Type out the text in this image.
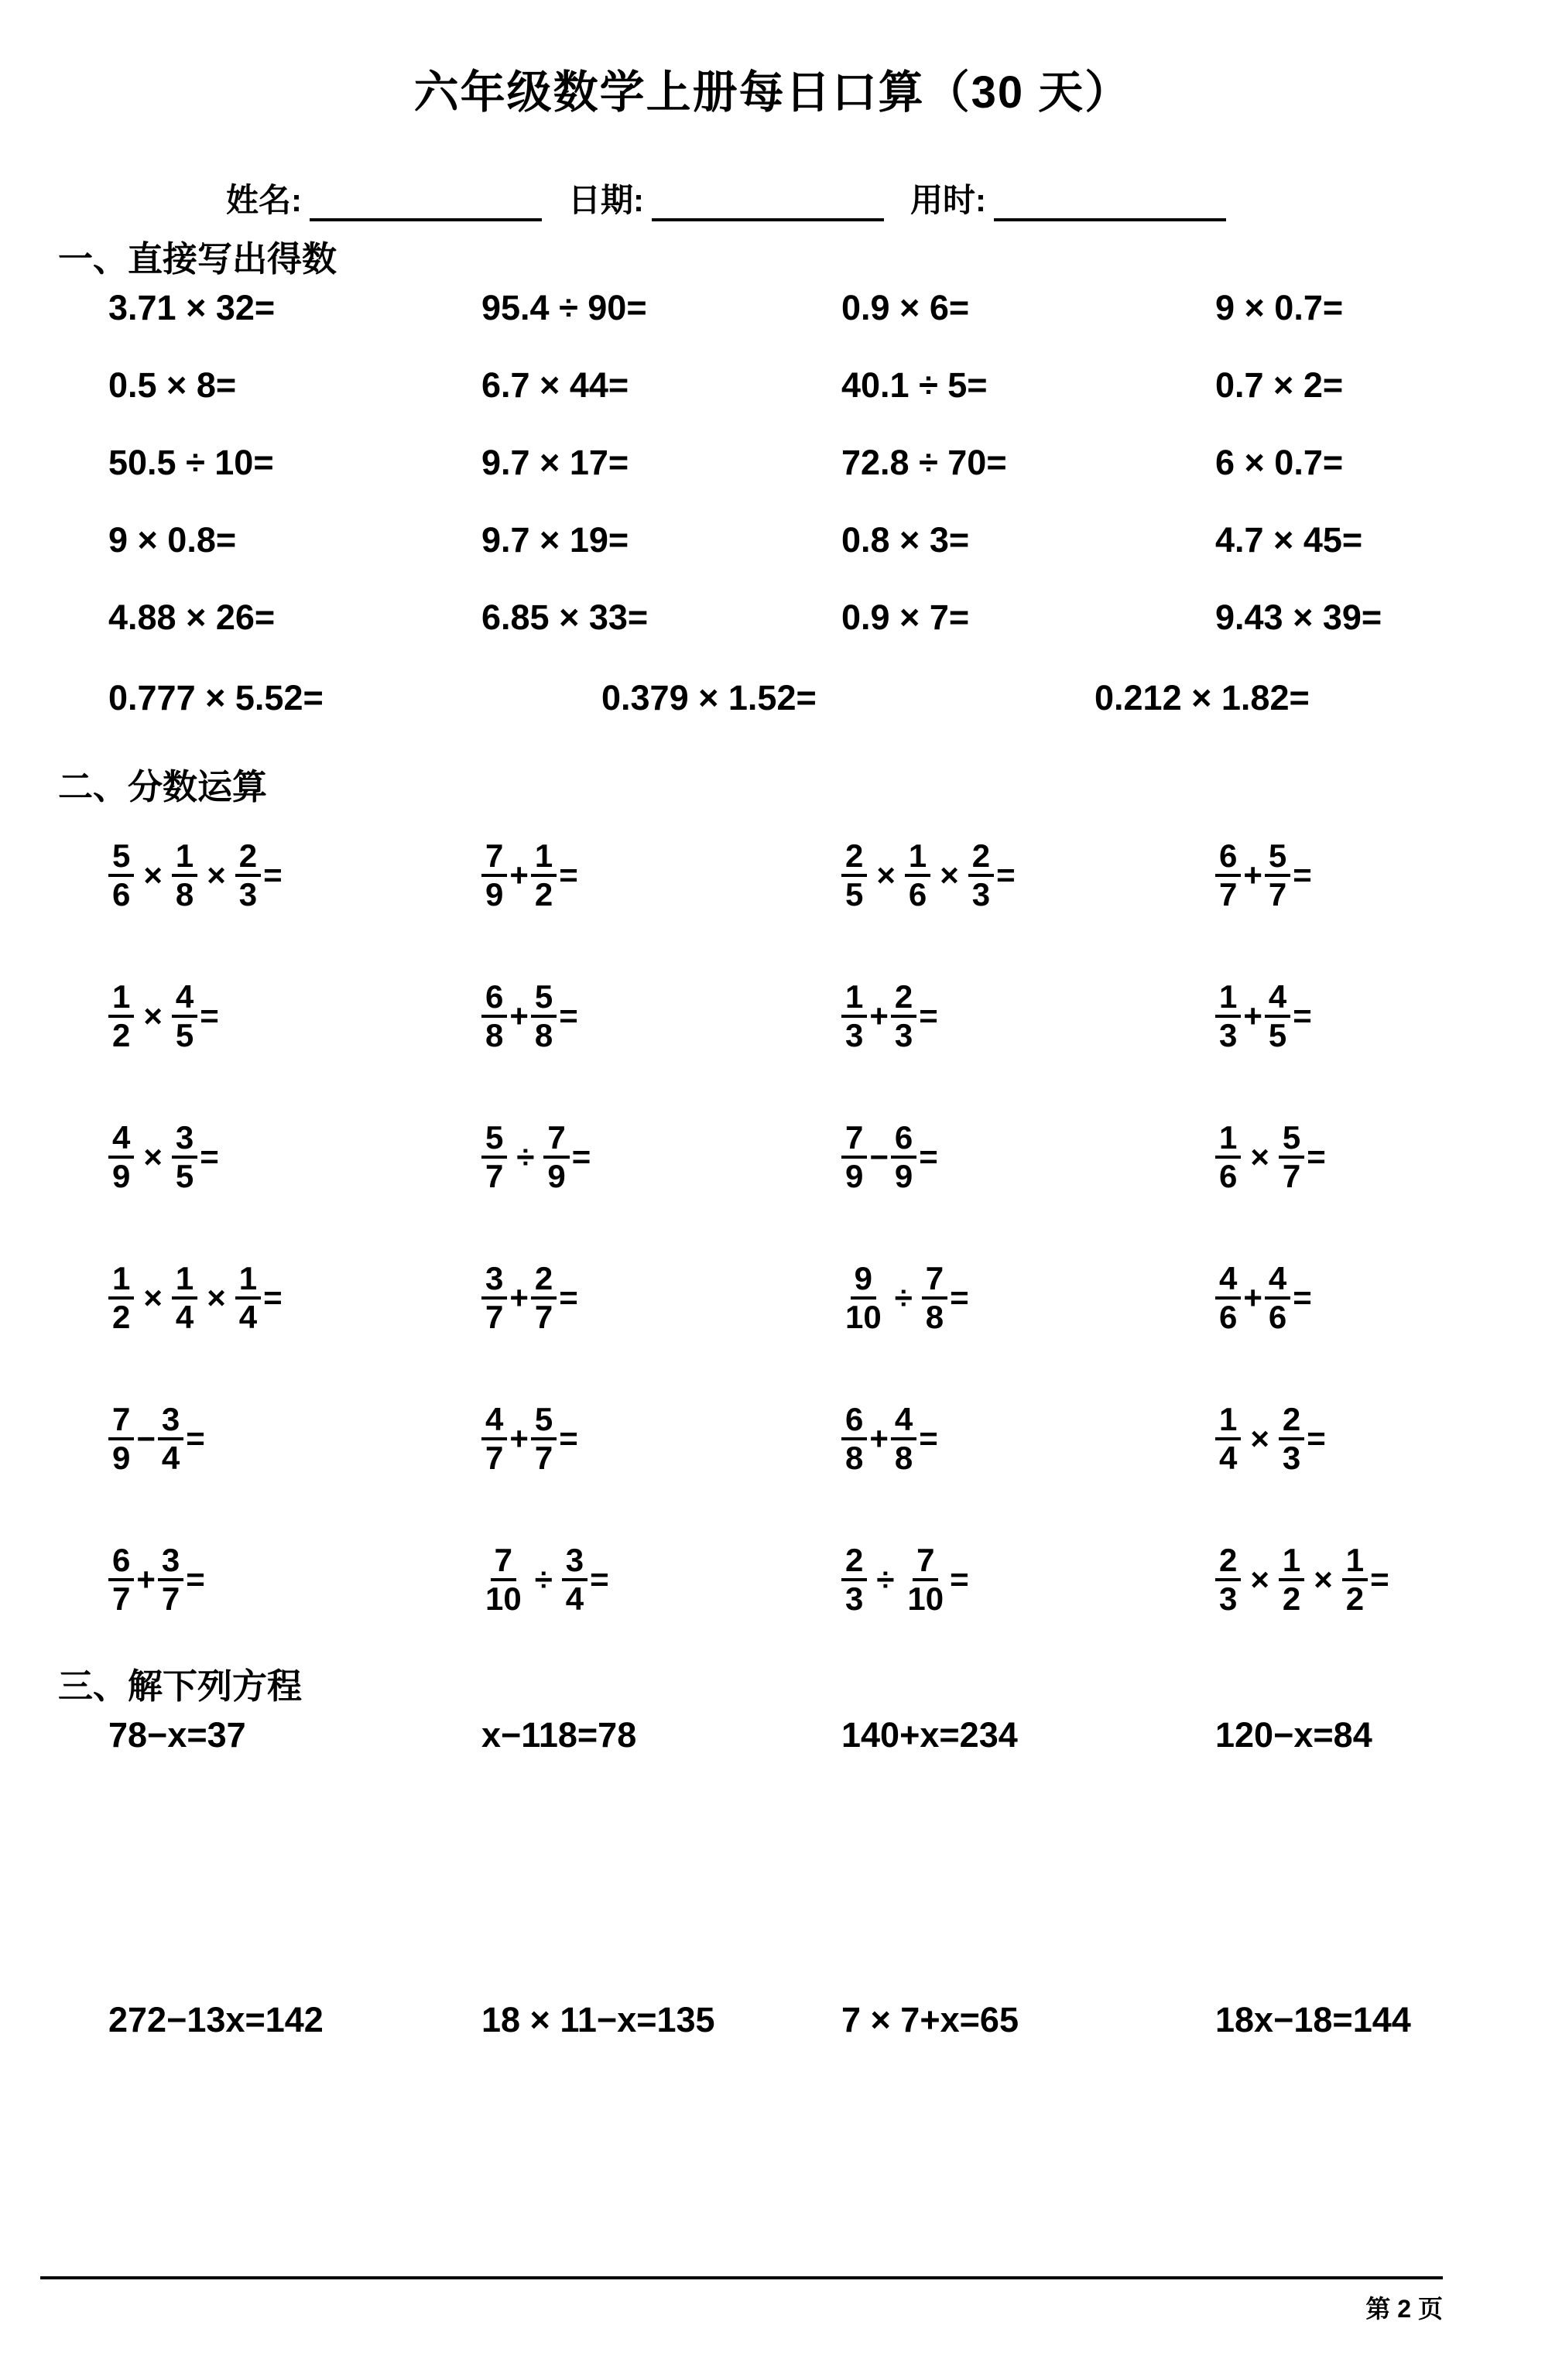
六年级数学上册每日口算（30 天）
姓名:	日期:	用时:
一、直接写出得数
3.71 × 32=	95.4 ÷ 90=	0.9 × 6=	9 × 0.7=
0.5 × 8=	6.7 × 44=	40.1 ÷ 5=	0.7 × 2=
50.5 ÷ 10=	9.7 × 17=	72.8 ÷ 70=	6 × 0.7=
9 × 0.8=	9.7 × 19=	0.8 × 3=	4.7 × 45=
4.88 × 26=	6.85 × 33=	0.9 × 7=	9.43 × 39=
0.777 × 5.52=	0.379 × 1.52=	0.212 × 1.82=
二、分数运算
$\frac{5}{6} \times \frac{1}{8} \times \frac{2}{3}$ =	$\frac{7}{9} + \frac{1}{2}$ =	$\frac{2}{5} \times \frac{1}{6} \times \frac{2}{3}$ =	$\frac{6}{7} + \frac{5}{7}$ =
$\frac{1}{2} \times \frac{4}{5}$ =	$\frac{6}{8} + \frac{5}{8}$ =	$\frac{1}{3} + \frac{2}{3}$ =	$\frac{1}{3} + \frac{4}{5}$ =
$\frac{4}{9} \times \frac{3}{5}$ =	$\frac{5}{7} \div \frac{7}{9}$ =	$\frac{7}{9} - \frac{6}{9}$ =	$\frac{1}{6} \times \frac{5}{7}$ =
$\frac{1}{2} \times \frac{1}{4} \times \frac{1}{4}$ =	$\frac{3}{7} + \frac{2}{7}$ =	$\frac{9}{10} \div \frac{7}{8}$ =	$\frac{4}{6} + \frac{4}{6}$ =
$\frac{7}{9} - \frac{3}{4}$ =	$\frac{4}{7} + \frac{5}{7}$ =	$\frac{6}{8} + \frac{4}{8}$ =	$\frac{1}{4} \times \frac{2}{3}$ =
$\frac{6}{7} + \frac{3}{7}$ =	$\frac{7}{10} \div \frac{3}{4}$ =	$\frac{2}{3} \div \frac{7}{10}$ =	$\frac{2}{3} \times \frac{1}{2} \times \frac{1}{2}$ =
三、解下列方程
78−x=37	x−118=78	140+x=234	120−x=84
272−13x=142	18 × 11−x=135	7 × 7+x=65	18x−18=144
第 2 页
